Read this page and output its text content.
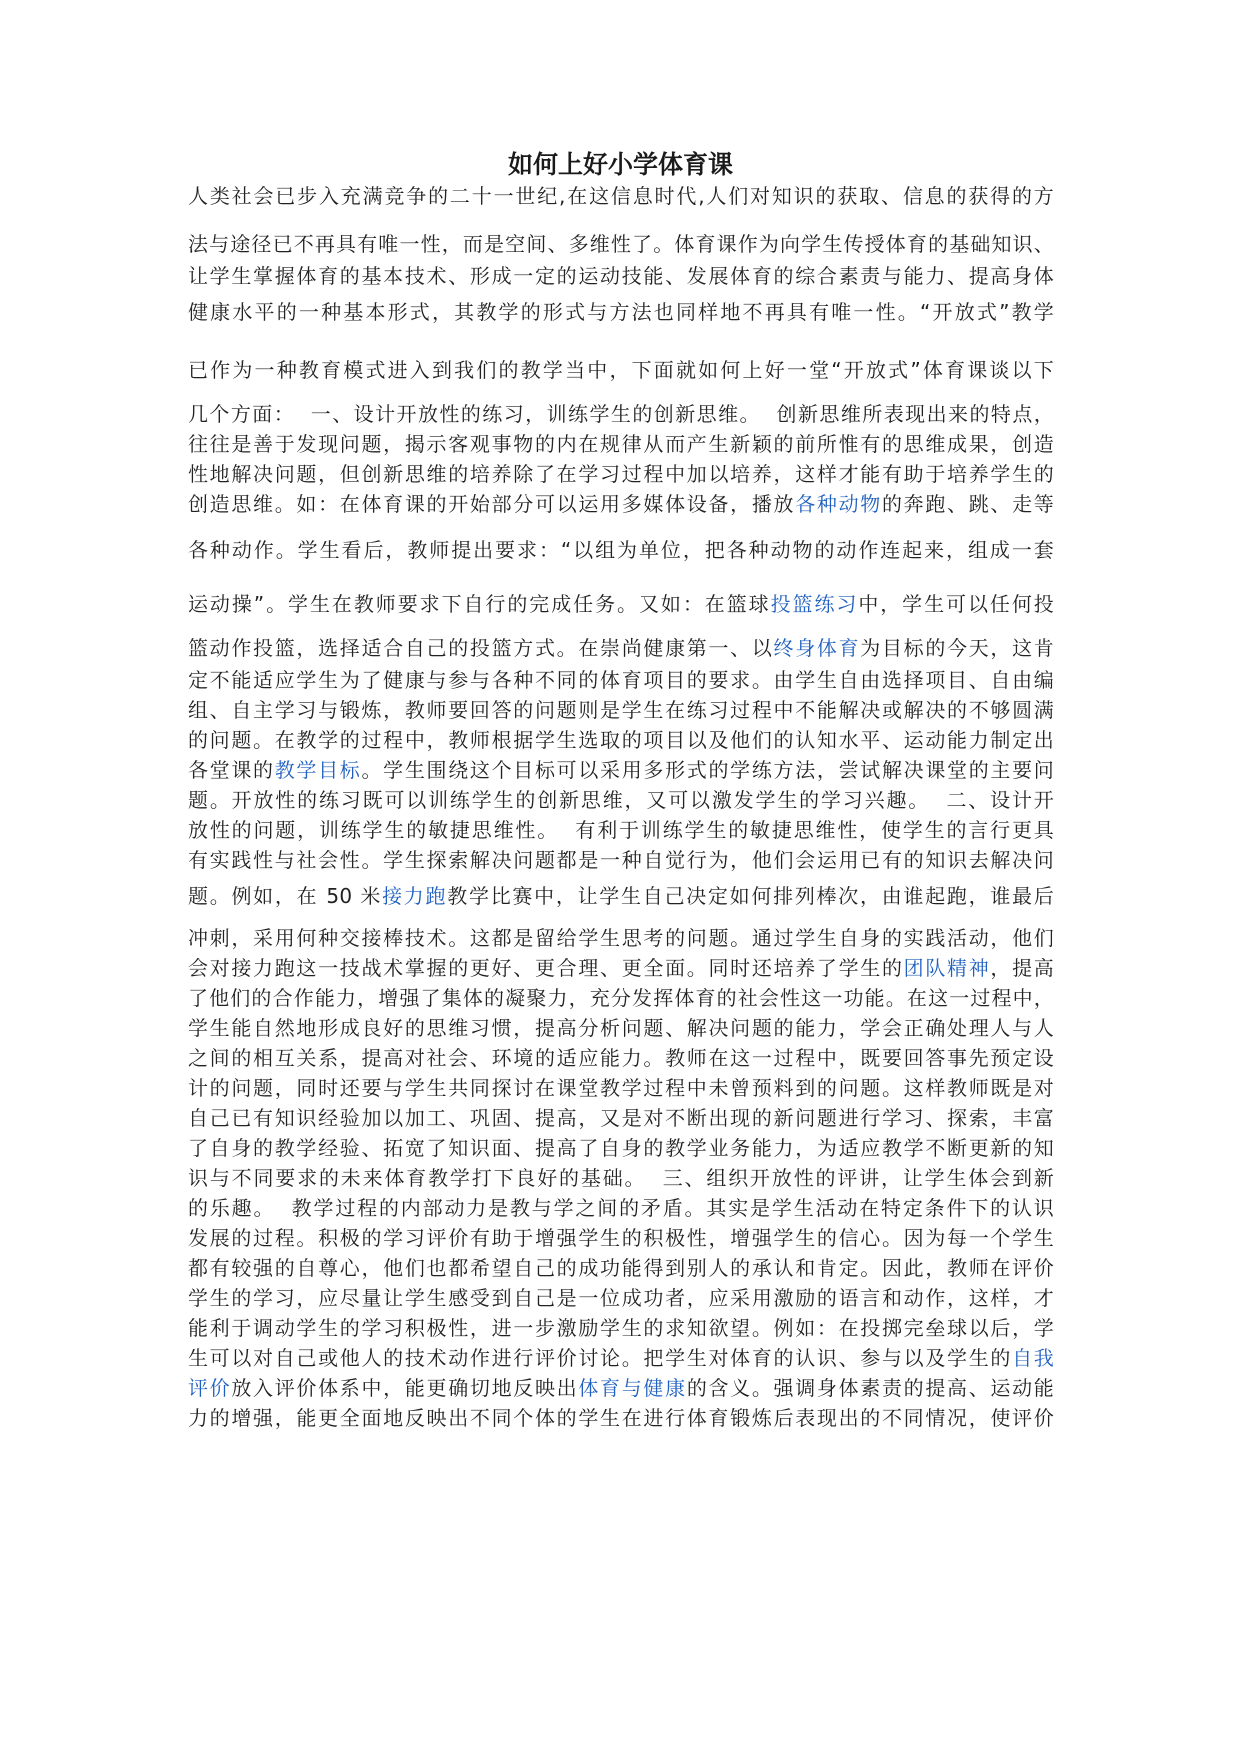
如何上好小学体育课
人类社会已步入充满竞争的二十一世纪,在这信息时代,人们对知识的获取、信息的获得的方
法与途径已不再具有唯一性，而是空间、多维性了。体育课作为向学生传授体育的基础知识、
让学生掌握体育的基本技术、形成一定的运动技能、发展体育的综合素责与能力、提高身体
健康水平的一种基本形式，其教学的形式与方法也同样地不再具有唯一性。“开放式”教学
已作为一种教育模式进入到我们的教学当中，下面就如何上好一堂“开放式”体育课谈以下
几个方面：  一、设计开放性的练习，训练学生的创新思维。  创新思维所表现出来的特点，
往往是善于发现问题，揭示客观事物的内在规律从而产生新颖的前所惟有的思维成果，创造
性地解决问题，但创新思维的培养除了在学习过程中加以培养，这样才能有助于培养学生的
创造思维。如：在体育课的开始部分可以运用多媒体设备，播放各种动物的奔跑、跳、走等
各种动作。学生看后，教师提出要求：“以组为单位，把各种动物的动作连起来，组成一套
运动操”。学生在教师要求下自行的完成任务。又如：在篮球投篮练习中，学生可以任何投
篮动作投篮，选择适合自己的投篮方式。在崇尚健康第一、以终身体育为目标的今天，这肯
定不能适应学生为了健康与参与各种不同的体育项目的要求。由学生自由选择项目、自由编
组、自主学习与锻炼，教师要回答的问题则是学生在练习过程中不能解决或解决的不够圆满
的问题。在教学的过程中，教师根据学生选取的项目以及他们的认知水平、运动能力制定出
各堂课的教学目标。学生围绕这个目标可以采用多形式的学练方法，尝试解决课堂的主要问
题。开放性的练习既可以训练学生的创新思维，又可以激发学生的学习兴趣。  二、设计开
放性的问题，训练学生的敏捷思维性。  有利于训练学生的敏捷思维性，使学生的言行更具
有实践性与社会性。学生探索解决问题都是一种自觉行为，他们会运用已有的知识去解决问
题。例如，在 50 米接力跑教学比赛中，让学生自己决定如何排列棒次，由谁起跑，谁最后
冲刺，采用何种交接棒技术。这都是留给学生思考的问题。通过学生自身的实践活动，他们
会对接力跑这一技战术掌握的更好、更合理、更全面。同时还培养了学生的团队精神，提高
了他们的合作能力，增强了集体的凝聚力，充分发挥体育的社会性这一功能。在这一过程中，
学生能自然地形成良好的思维习惯，提高分析问题、解决问题的能力，学会正确处理人与人
之间的相互关系，提高对社会、环境的适应能力。教师在这一过程中，既要回答事先预定设
计的问题，同时还要与学生共同探讨在课堂教学过程中未曾预料到的问题。这样教师既是对
自己已有知识经验加以加工、巩固、提高，又是对不断出现的新问题进行学习、探索，丰富
了自身的教学经验、拓宽了知识面、提高了自身的教学业务能力，为适应教学不断更新的知
识与不同要求的未来体育教学打下良好的基础。  三、组织开放性的评讲，让学生体会到新
的乐趣。  教学过程的内部动力是教与学之间的矛盾。其实是学生活动在特定条件下的认识
发展的过程。积极的学习评价有助于增强学生的积极性，增强学生的信心。因为每一个学生
都有较强的自尊心，他们也都希望自己的成功能得到别人的承认和肯定。因此，教师在评价
学生的学习，应尽量让学生感受到自己是一位成功者，应采用激励的语言和动作，这样，才
能利于调动学生的学习积极性，进一步激励学生的求知欲望。例如：在投掷完垒球以后，学
生可以对自己或他人的技术动作进行评价讨论。把学生对体育的认识、参与以及学生的自我
评价放入评价体系中，能更确切地反映出体育与健康的含义。强调身体素责的提高、运动能
力的增强，能更全面地反映出不同个体的学生在进行体育锻炼后表现出的不同情况，使评价
